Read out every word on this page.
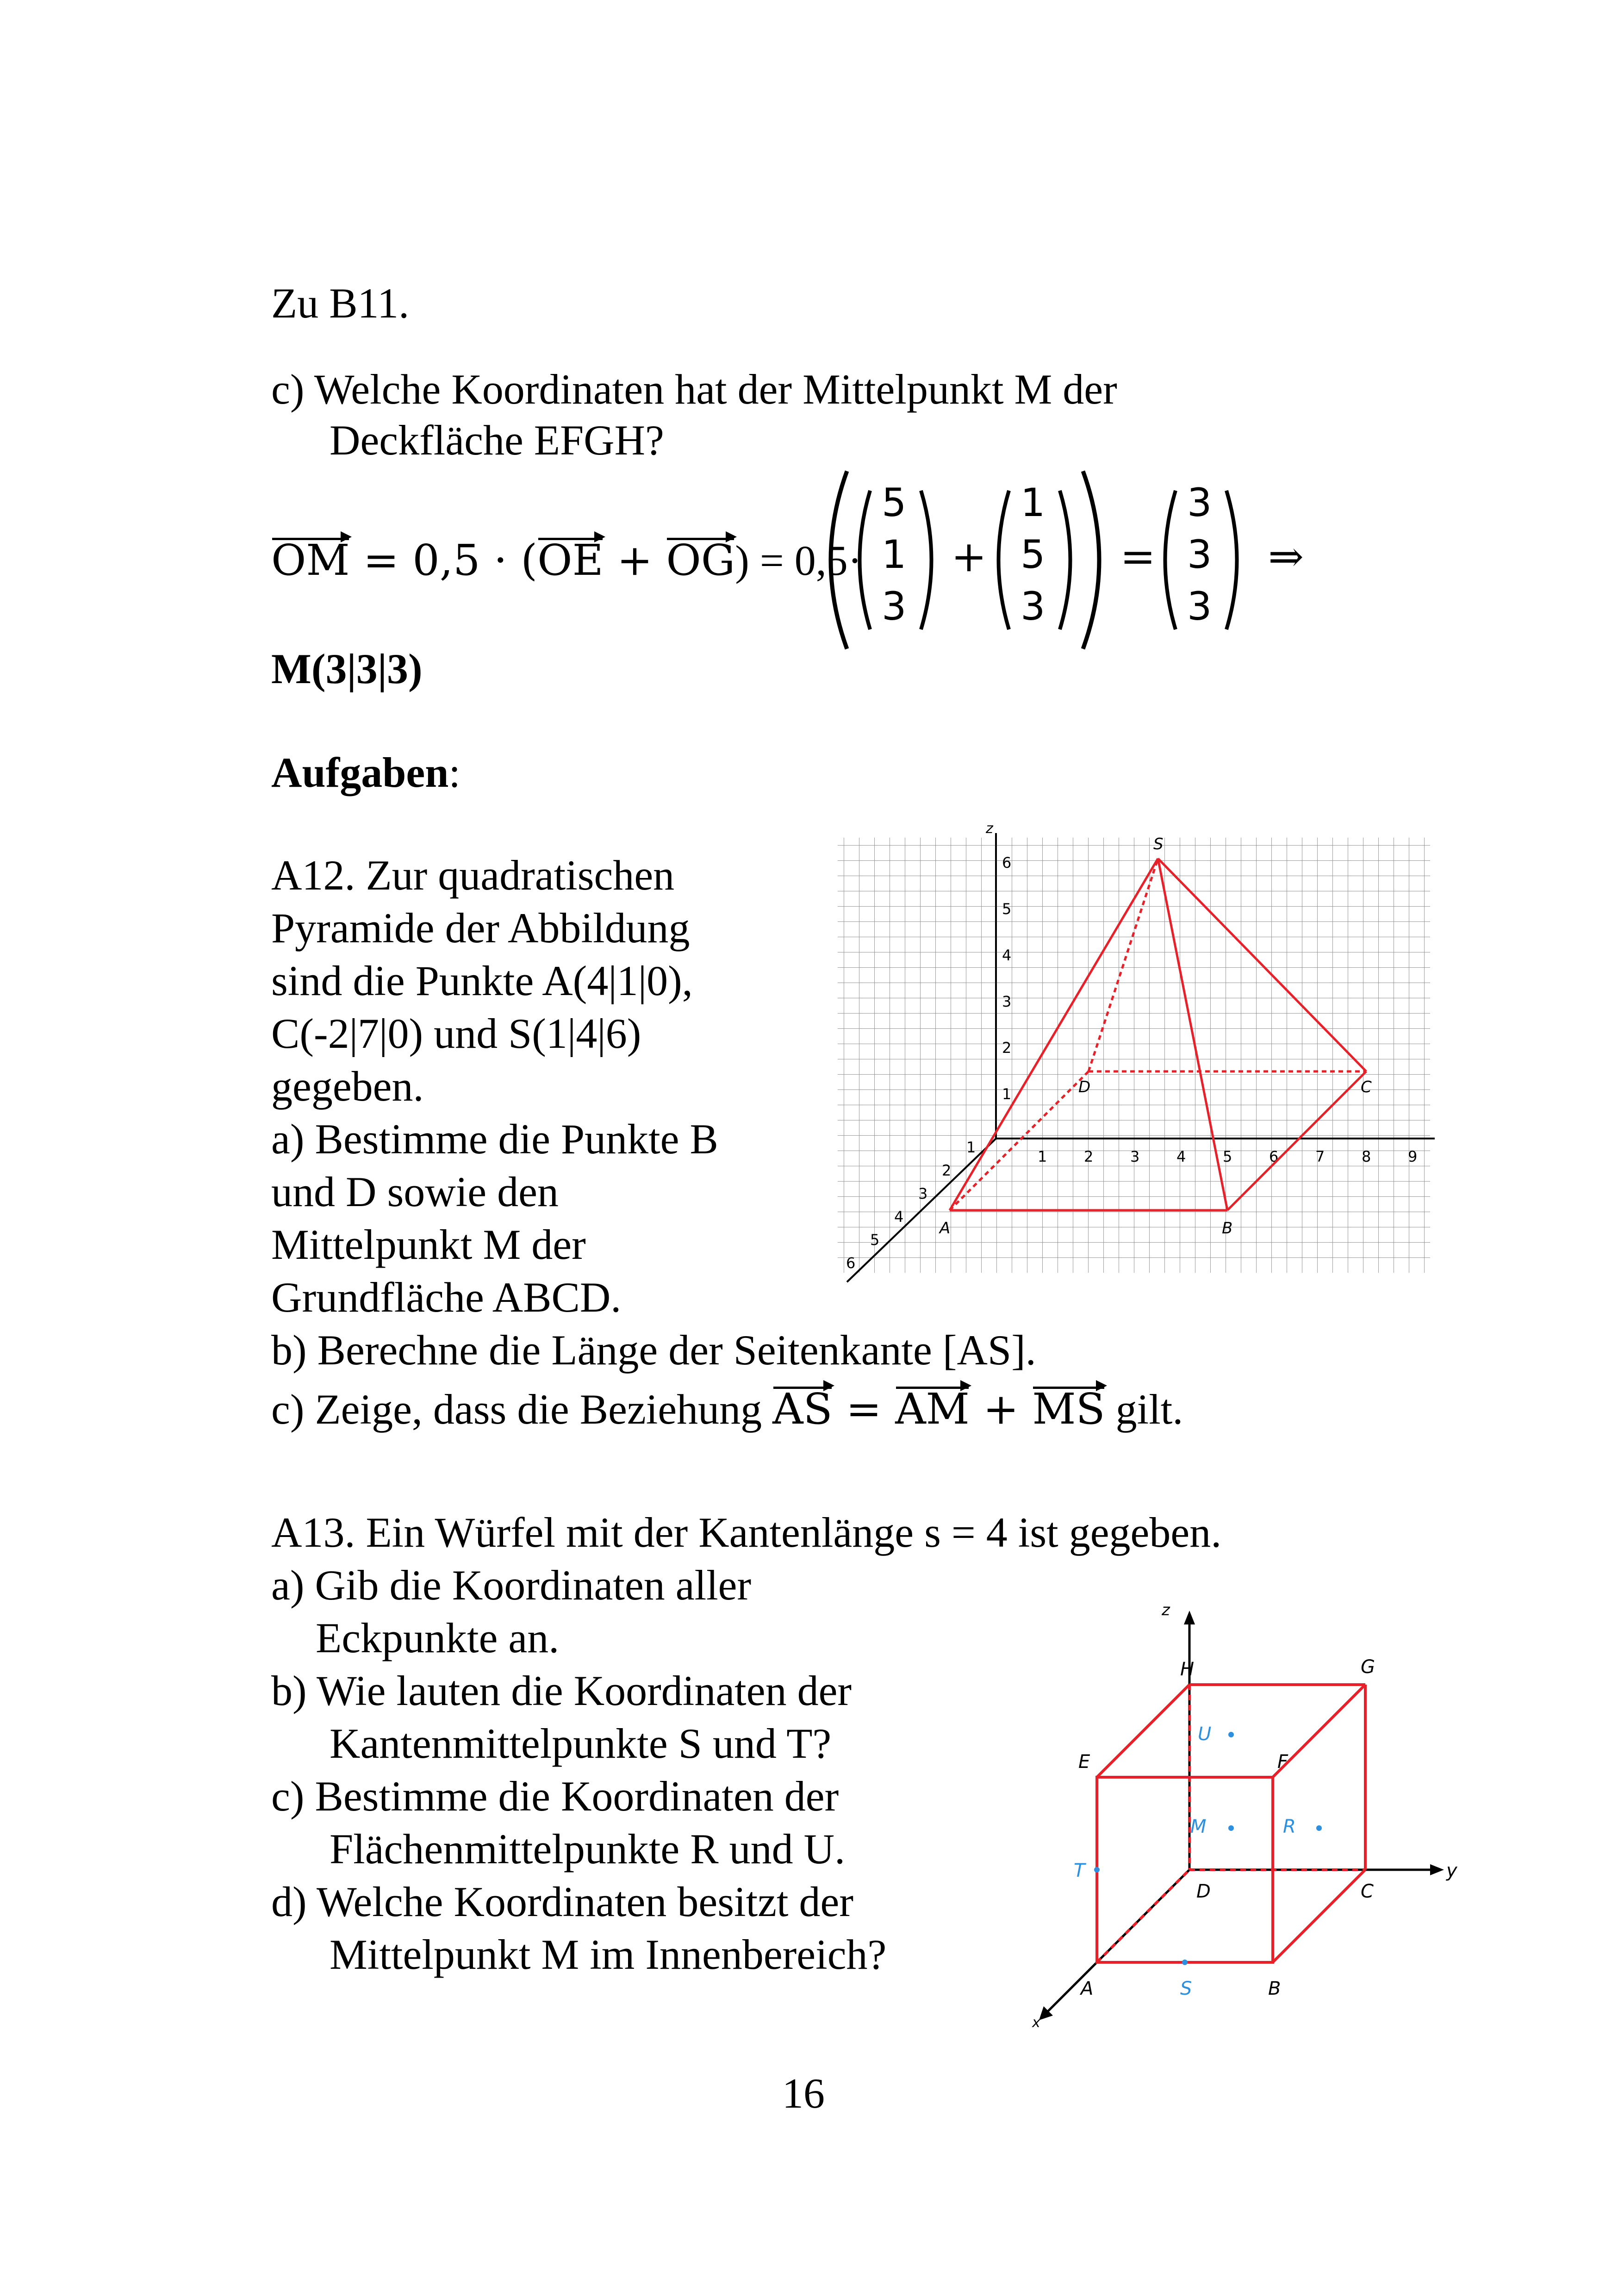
Zu B11.
c) Welche Koordinaten hat der Mittelpunkt M der
Deckfläche EFGH?
OM = 0,5 · (OE + OG) = 0,5·
5
1
3
+
1
5
3
=
3
3
3
⇒
M(3|3|3)
Aufgaben:
A12. Zur quadratischen
Pyramide der Abbildung
sind die Punkte A(4|1|0),
C(-2|7|0) und S(1|4|6)
gegeben.
a) Bestimme die Punkte B
und D sowie den
Mittelpunkt M der
Grundfläche ABCD.
b) Berechne die Länge der Seitenkante [AS].
c) Zeige, dass die Beziehung AS = AM + MS gilt.
z
1 2 3 4 5 6 7 8 9
1
2
3
4
5
6
1
2
3
4
5
6
S
D	C
A	B
A13. Ein Würfel mit der Kantenlänge s = 4 ist gegeben.
a) Gib die Koordinaten aller
Eckpunkte an.
b) Wie lauten die Koordinaten der
Kantenmittelpunkte S und T?
c) Bestimme die Koordinaten der
Flächenmittelpunkte R und U.
d) Welche Koordinaten besitzt der
Mittelpunkt M im Innenbereich?
z
y
x
A	B
C
D
E	F
G
H
U
M	R
T
S
16
